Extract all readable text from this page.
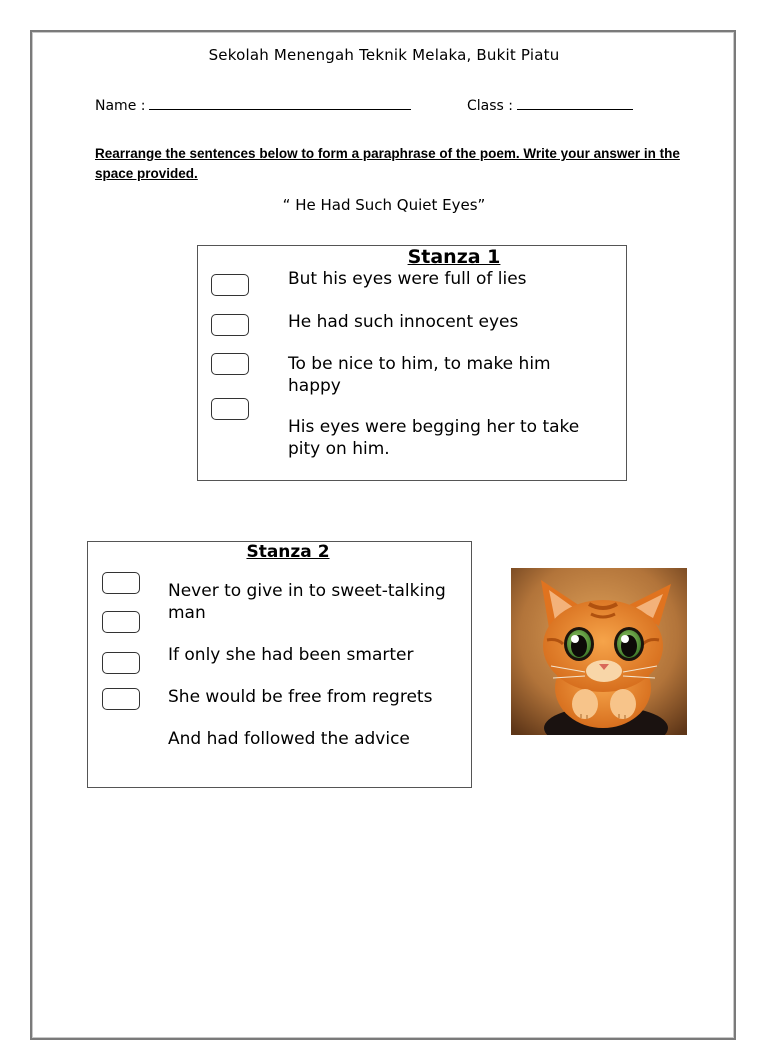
Sekolah Menengah Teknik Melaka, Bukit Piatu
Name :	Class :
Rearrange the sentences below to form a paraphrase of the poem. Write your answer in the space provided.
“ He Had Such Quiet Eyes”
Stanza 1
But his eyes were full of lies
He had such innocent eyes
To be nice to him, to make him happy
His eyes were begging her to take pity on him.
Stanza 2
Never to give in to sweet-talking man
If only she had been smarter
She would be free from regrets
And had followed the advice
